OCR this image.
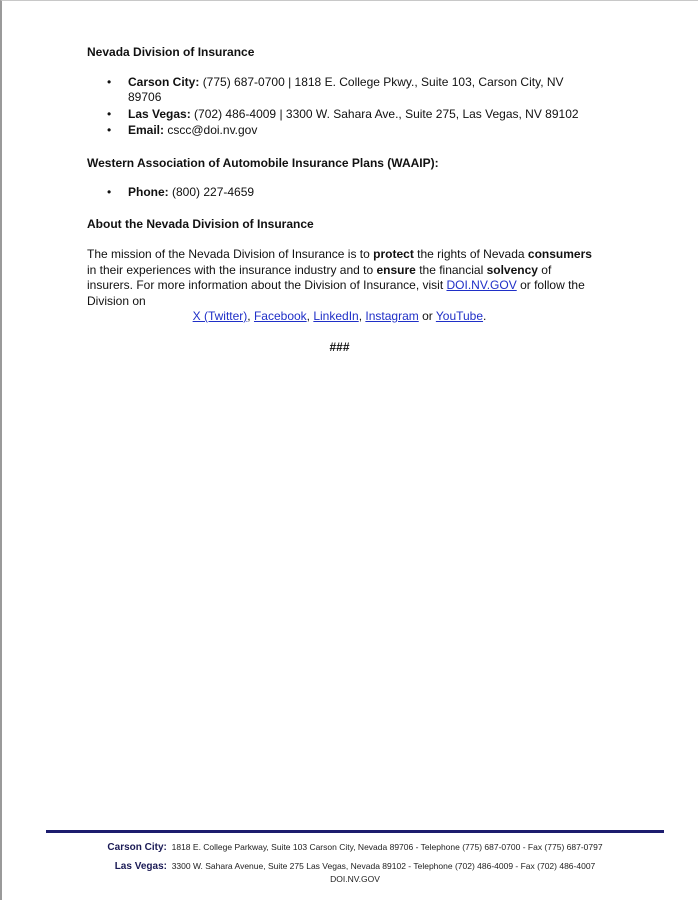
Nevada Division of Insurance

• Carson City: (775) 687-0700 | 1818 E. College Pkwy., Suite 103, Carson City, NV 89706
• Las Vegas: (702) 486-4009 | 3300 W. Sahara Ave., Suite 275, Las Vegas, NV 89102
• Email: cscc@doi.nv.gov

Western Association of Automobile Insurance Plans (WAAIP):

• Phone: (800) 227-4659

About the Nevada Division of Insurance

The mission of the Nevada Division of Insurance is to protect the rights of Nevada consumers in their experiences with the insurance industry and to ensure the financial solvency of insurers. For more information about the Division of Insurance, visit DOI.NV.GOV or follow the Division on

X (Twitter), Facebook, LinkedIn, Instagram or YouTube.

###

Carson City: 1818 E. College Parkway, Suite 103 Carson City, Nevada 89706 - Telephone (775) 687-0700 - Fax (775) 687-0797
Las Vegas: 3300 W. Sahara Avenue, Suite 275 Las Vegas, Nevada 89102 - Telephone (702) 486-4009 - Fax (702) 486-4007
DOI.NV.GOV
